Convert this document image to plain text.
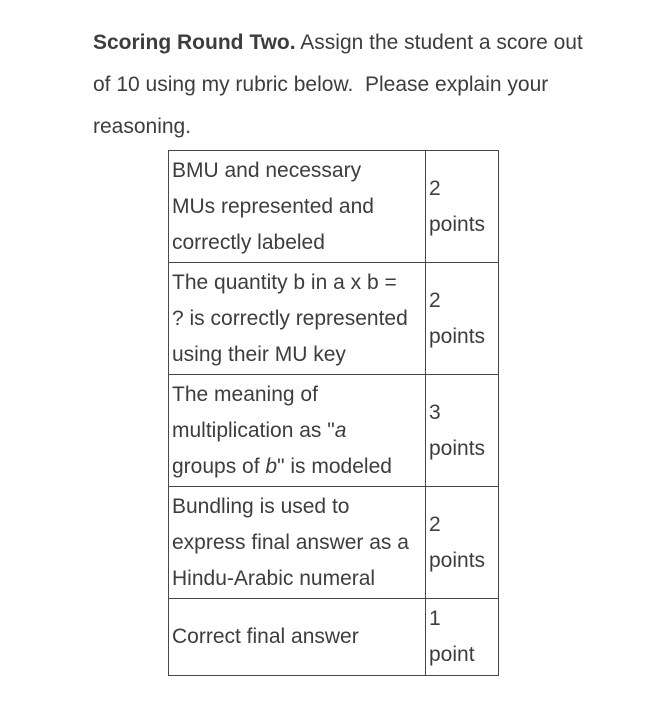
Scoring Round Two. Assign the student a score out
of 10 using my rubric below.  Please explain your
reasoning.
BMU and necessary
MUs represented and
correctly labeled	2
points
The quantity b in a x b =
? is correctly represented
using their MU key	2
points
The meaning of
multiplication as "a
groups of b" is modeled	3
points
Bundling is used to
express final answer as a
Hindu-Arabic numeral	2
points
Correct final answer	1
point
